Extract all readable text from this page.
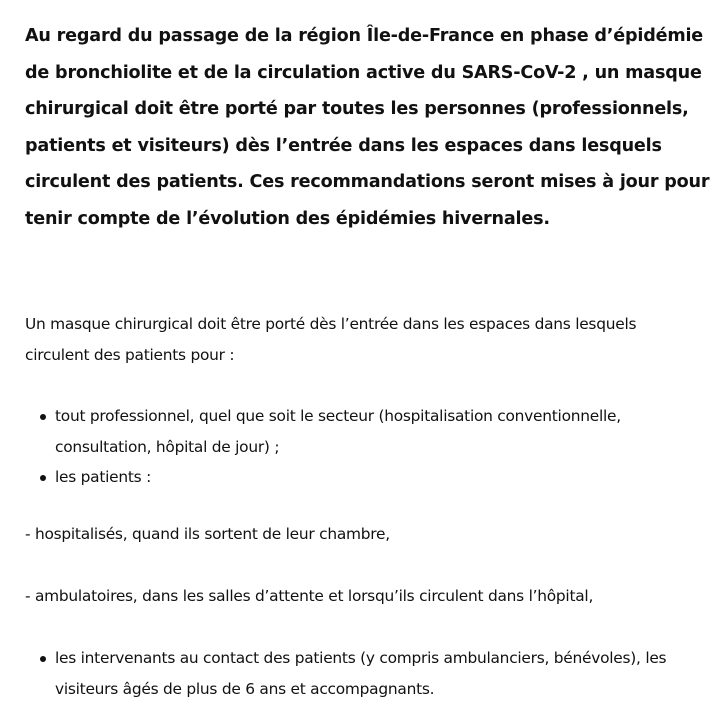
Au regard du passage de la région Île-de-France en phase d’épidémie de bronchiolite et de la circulation active du SARS-CoV-2 , un masque chirurgical doit être porté par toutes les personnes (professionnels, patients et visiteurs) dès l’entrée dans les espaces dans lesquels circulent des patients. Ces recommandations seront mises à jour pour tenir compte de l’évolution des épidémies hivernales.

Un masque chirurgical doit être porté dès l’entrée dans les espaces dans lesquels circulent des patients pour :

tout professionnel, quel que soit le secteur (hospitalisation conventionnelle, consultation, hôpital de jour) ;
les patients :

- hospitalisés, quand ils sortent de leur chambre,

- ambulatoires, dans les salles d’attente et lorsqu’ils circulent dans l’hôpital,

les intervenants au contact des patients (y compris ambulanciers, bénévoles), les visiteurs âgés de plus de 6 ans et accompagnants.
